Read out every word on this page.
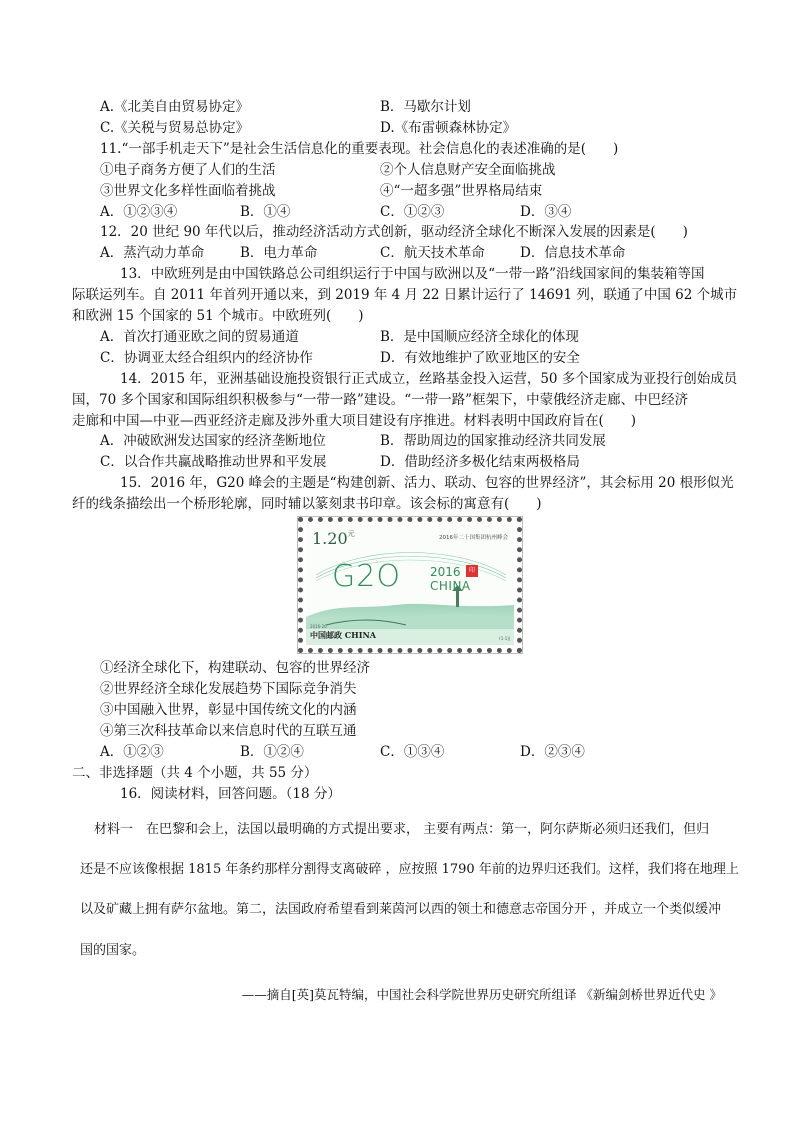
A.《北美自由贸易协定》	B．马歇尔计划
C.《关税与贸易总协定》	D.《布雷顿森林协定》
11.“一部手机走天下”是社会生活信息化的重要表现。社会信息化的表述准确的是(　　)
①电子商务方便了人们的生活	②个人信息财产安全面临挑战
③世界文化多样性面临着挑战	④“一超多强”世界格局结束
A．①②③④	B．①④	C．①②③	D．③④
12．20 世纪 90 年代以后，推动经济活动方式创新，驱动经济全球化不断深入发展的因素是(　　)
A．蒸汽动力革命	B．电力革命	C．航天技术革命	D．信息技术革命
13．中欧班列是由中国铁路总公司组织运行于中国与欧洲以及“一带一路”沿线国家间的集装箱等国
际联运列车。自 2011 年首列开通以来，到 2019 年 4 月 22 日累计运行了 14691 列，联通了中国 62 个城市
和欧洲 15 个国家的 51 个城市。中欧班列(　　)
A．首次打通亚欧之间的贸易通道	B．是中国顺应经济全球化的体现
C．协调亚太经合组织内的经济协作	D．有效地维护了欧亚地区的安全
14．2015 年，亚洲基础设施投资银行正式成立，丝路基金投入运营，50 多个国家成为亚投行创始成员
国，70 多个国家和国际组织积极参与“一带一路”建设。“一带一路”框架下，中蒙俄经济走廊、中巴经济
走廊和中国—中亚—西亚经济走廊及涉外重大项目建设有序推进。材料表明中国政府旨在(　　)
A．冲破欧洲发达国家的经济垄断地位	B．帮助周边的国家推动经济共同发展
C．以合作共赢战略推动世界和平发展	D．借助经济多极化结束两极格局
15．2016 年，G20 峰会的主题是“构建创新、活力、联动、包容的世界经济”，其会标用 20 根形似光
纤的线条描绘出一个桥形轮廓，同时辅以篆刻隶书印章。该会标的寓意有(　　)
$1.20^元$	2016年二十国集团杭州峰会
G2O 2016	印
CHINA
2016-26
中国邮政 CHINA	(1-1)J
①经济全球化下，构建联动、包容的世界经济
②世界经济全球化发展趋势下国际竞争消失
③中国融入世界，彰显中国传统文化的内涵
④第三次科技革命以来信息时代的互联互通
A．①②③	B．①②④	C．①③④	D．②③④
二、非选择题（共 4 个小题，共 55 分）
16．阅读材料，回答问题。（18 分）
材料一　在巴黎和会上，法国以最明确的方式提出要求， 主要有两点：第一，阿尔萨斯必须归还我们，但归
还是不应该像根据 1815 年条约那样分割得支离破碎 ，应按照 1790 年前的边界归还我们。这样，我们将在地理上
以及矿藏上拥有萨尔盆地。第二，法国政府希望看到莱茵河以西的领土和德意志帝国分开 ，并成立一个类似缓冲
国的国家。
——摘自[英]莫瓦特编，中国社会科学院世界历史研究所组译 《新编剑桥世界近代史 》
